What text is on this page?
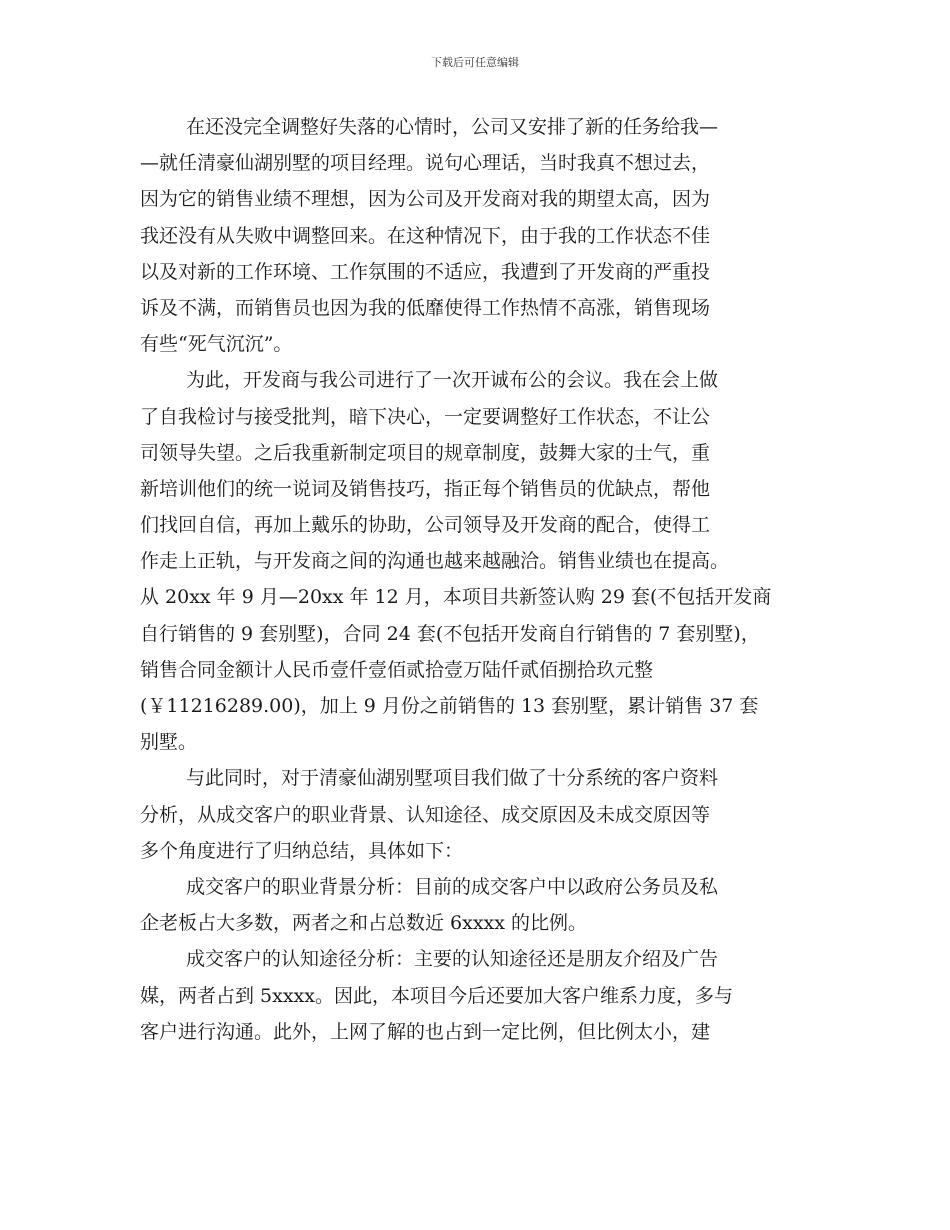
下载后可任意编辑
在还没完全调整好失落的心情时，公司又安排了新的任务给我—
—就任清豪仙湖别墅的项目经理。说句心理话，当时我真不想过去，
因为它的销售业绩不理想，因为公司及开发商对我的期望太高，因为
我还没有从失败中调整回来。在这种情况下，由于我的工作状态不佳
以及对新的工作环境、工作氛围的不适应，我遭到了开发商的严重投
诉及不满，而销售员也因为我的低靡使得工作热情不高涨，销售现场
有些“死气沉沉”。
为此，开发商与我公司进行了一次开诚布公的会议。我在会上做
了自我检讨与接受批判，暗下决心，一定要调整好工作状态，不让公
司领导失望。之后我重新制定项目的规章制度，鼓舞大家的士气，重
新培训他们的统一说词及销售技巧，指正每个销售员的优缺点，帮他
们找回自信，再加上戴乐的协助，公司领导及开发商的配合，使得工
作走上正轨，与开发商之间的沟通也越来越融洽。销售业绩也在提高。
从 20xx 年 9 月—20xx 年 12 月，本项目共新签认购 29 套(不包括开发商
自行销售的 9 套别墅)，合同 24 套(不包括开发商自行销售的 7 套别墅)，
销售合同金额计人民币壹仟壹佰贰拾壹万陆仟贰佰捌拾玖元整
(￥11216289.00)，加上 9 月份之前销售的 13 套别墅，累计销售 37 套
别墅。
与此同时，对于清豪仙湖别墅项目我们做了十分系统的客户资料
分析，从成交客户的职业背景、认知途径、成交原因及未成交原因等
多个角度进行了归纳总结，具体如下：
成交客户的职业背景分析：目前的成交客户中以政府公务员及私
企老板占大多数，两者之和占总数近 6xxxx 的比例。
成交客户的认知途径分析：主要的认知途径还是朋友介绍及广告
媒，两者占到 5xxxx。因此，本项目今后还要加大客户维系力度，多与
客户进行沟通。此外，上网了解的也占到一定比例，但比例太小，建
